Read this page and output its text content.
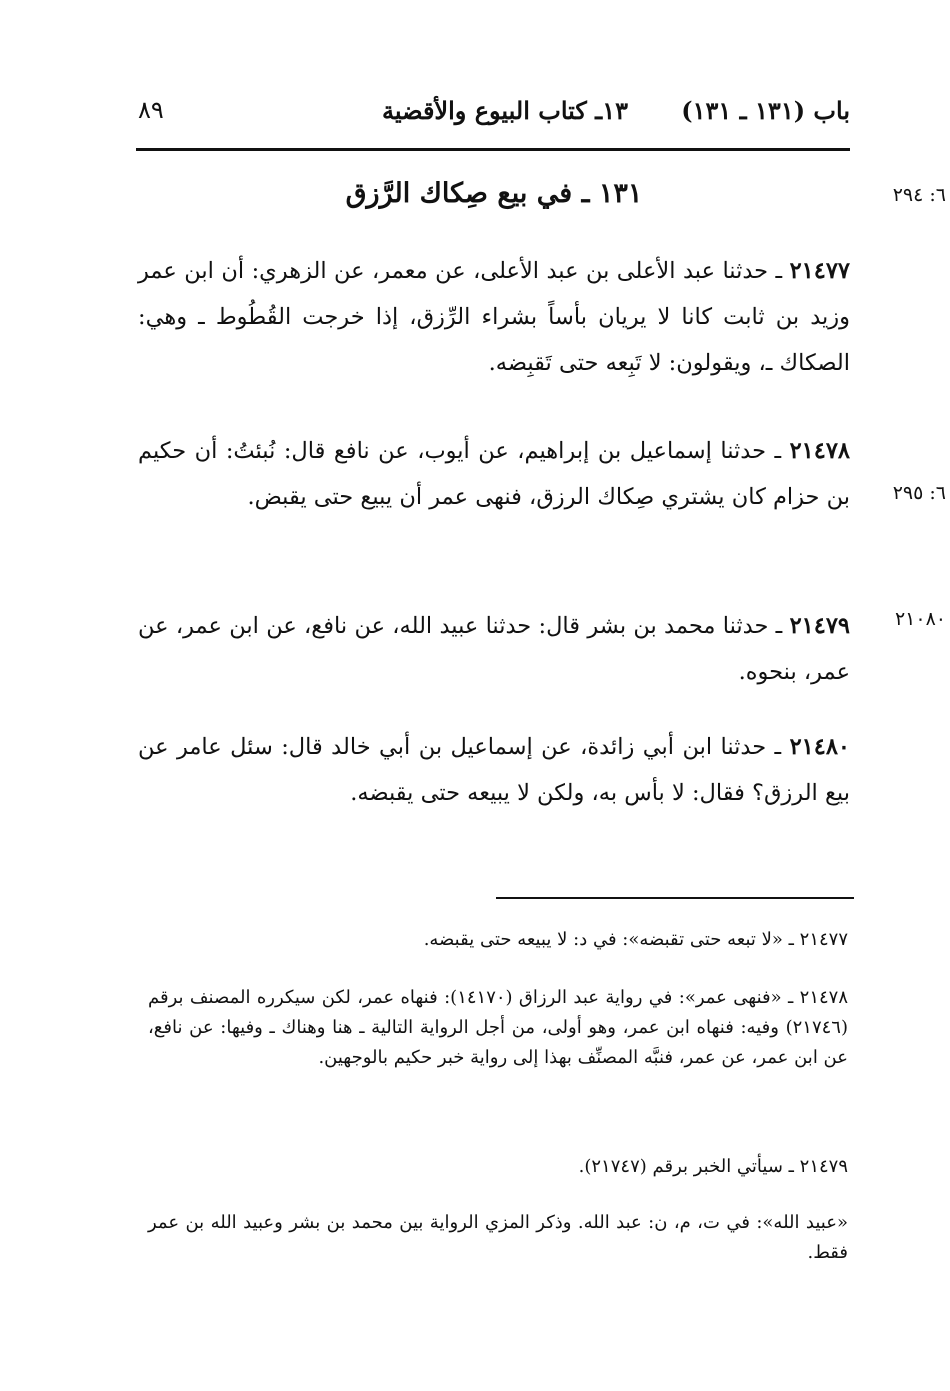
باب (١٣١ ـ ١٣١)
١٣ـ كتاب البيوع والأقضية
٨٩
١٣١ ـ في بيع صِكاك الرَّزق	٦: ٢٩٤
٦: ٢٩٥
٢١٠٨٠
٢١٤٧٧ ـ حدثنا عبد الأعلى بن عبد الأعلى، عن معمر، عن الزهري: أن ابن عمر وزيد بن ثابت كانا لا يريان بأساً بشراء الرِّزق، إذا خرجت القُطُوط ـ وهي: الصكاك ـ، ويقولون: لا تَبِعه حتى تَقبِضه.
٢١٤٧٨ ـ حدثنا إسماعيل بن إبراهيم، عن أيوب، عن نافع قال: نُبئتُ: أن حكيم بن حزام كان يشتري صِكاك الرزق، فنهى عمر أن يبيع حتى يقبض.
٢١٤٧٩ ـ حدثنا محمد بن بشر قال: حدثنا عبيد الله، عن نافع، عن ابن عمر، عن عمر، بنحوه.
٢١٤٨٠ ـ حدثنا ابن أبي زائدة، عن إسماعيل بن أبي خالد قال: سئل عامر عن بيع الرزق؟ فقال: لا بأس به، ولكن لا يبيعه حتى يقبضه.
٢١٤٧٧ ـ «لا تبعه حتى تقبضه»: في د: لا يبيعه حتى يقبضه.
٢١٤٧٨ ـ «فنهى عمر»: في رواية عبد الرزاق (١٤١٧٠): فنهاه عمر، لكن سيكرره المصنف برقم (٢١٧٤٦) وفيه: فنهاه ابن عمر، وهو أولى، من أجل الرواية التالية ـ هنا وهناك ـ وفيها: عن نافع، عن ابن عمر، عن عمر، فنبَّه المصنِّف بهذا إلى رواية خبر حكيم بالوجهين.
٢١٤٧٩ ـ سيأتي الخبر برقم (٢١٧٤٧).
«عبيد الله»: في ت، م، ن: عبد الله. وذكر المزي الرواية بين محمد بن بشر وعبيد الله بن عمر فقط.
